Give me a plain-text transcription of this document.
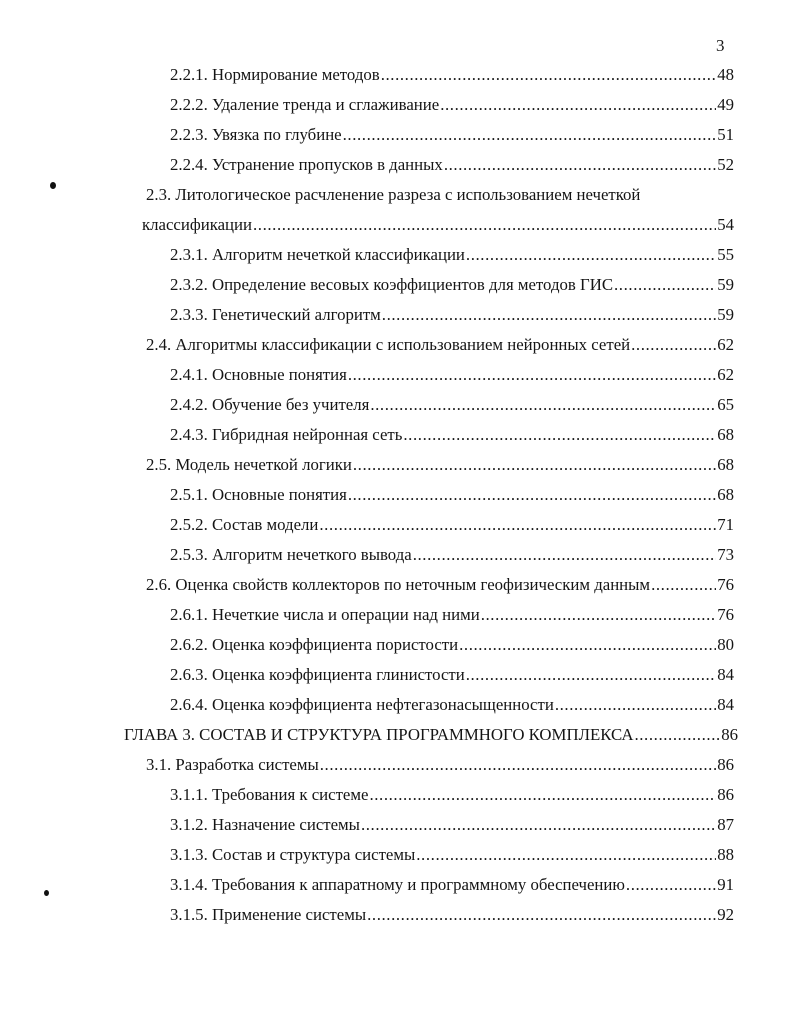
3
2.2.1. Нормирование методов .....	48
2.2.2. Удаление тренда и сглаживание .....	49
2.2.3. Увязка по глубине .....	51
2.2.4. Устранение пропусков в данных .....	52
2.3. Литологическое расчленение разреза с использованием нечеткой
классификации .....	54
2.3.1. Алгоритм нечеткой классификации .....	55
2.3.2. Определение весовых коэффициентов для методов ГИС .....	59
2.3.3. Генетический алгоритм .....	59
2.4. Алгоритмы классификации с использованием нейронных сетей .....	62
2.4.1. Основные понятия .....	62
2.4.2. Обучение без учителя .....	65
2.4.3. Гибридная нейронная сеть .....	68
2.5. Модель нечеткой логики .....	68
2.5.1. Основные понятия .....	68
2.5.2. Состав модели .....	71
2.5.3. Алгоритм нечеткого вывода .....	73
2.6. Оценка свойств коллекторов по неточным геофизическим данным .....	76
2.6.1. Нечеткие числа и операции над ними .....	76
2.6.2. Оценка коэффициента пористости .....	80
2.6.3. Оценка коэффициента глинистости .....	84
2.6.4. Оценка коэффициента нефтегазонасыщенности .....	84
ГЛАВА 3. СОСТАВ И СТРУКТУРА ПРОГРАММНОГО КОМПЛЕКСА .....	86
3.1. Разработка системы .....	86
3.1.1. Требования к системе .....	86
3.1.2. Назначение системы .....	87
3.1.3. Состав и структура системы .....	88
3.1.4. Требования к аппаратному и программному обеспечению .....	91
3.1.5. Применение системы .....	92
